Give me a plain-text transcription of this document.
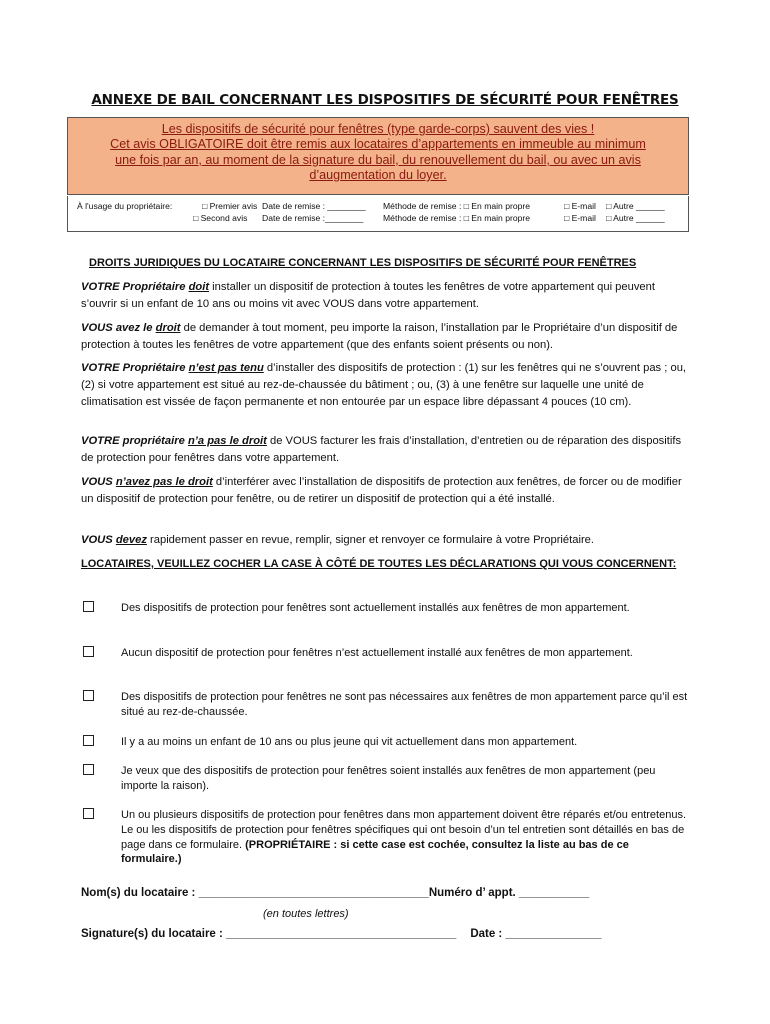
ANNEXE DE BAIL CONCERNANT LES DISPOSITIFS DE SÉCURITÉ POUR FENÊTRES
Les dispositifs de sécurité pour fenêtres (type garde-corps) sauvent des vies !
Cet avis OBLIGATOIRE doit être remis aux locataires d’appartements en immeuble au minimum
une fois par an, au moment de la signature du bail, du renouvellement du bail, ou avec un avis
d’augmentation du loyer.
À l'usage du propriétaire:	□ Premier avis Date de remise : ________ Méthode de remise : □ En main propre	□ E-mail □ Autre ______
□ Second avis Date de remise :________ Méthode de remise : □ En main propre	□ E-mail □ Autre ______
DROITS JURIDIQUES DU LOCATAIRE CONCERNANT LES DISPOSITIFS DE SÉCURITÉ POUR FENÊTRES
VOTRE Propriétaire doit installer un dispositif de protection à toutes les fenêtres de votre appartement qui peuvent s’ouvrir si un enfant de 10 ans ou moins vit avec VOUS dans votre appartement.
VOUS avez le droit de demander à tout moment, peu importe la raison, l’installation par le Propriétaire d’un dispositif de protection à toutes les fenêtres de votre appartement (que des enfants soient présents ou non).
VOTRE Propriétaire n’est pas tenu d’installer des dispositifs de protection : (1) sur les fenêtres qui ne s’ouvrent pas ; ou, (2) si votre appartement est situé au rez-de-chaussée du bâtiment ; ou, (3) à une fenêtre sur laquelle une unité de climatisation est vissée de façon permanente et non entourée par un espace libre dépassant 4 pouces (10 cm).
VOTRE propriétaire n’a pas le droit de VOUS facturer les frais d’installation, d’entretien ou de réparation des dispositifs de protection pour fenêtres dans votre appartement.
VOUS n’avez pas le droit d’interférer avec l’installation de dispositifs de protection aux fenêtres, de forcer ou de modifier un dispositif de protection pour fenêtre, ou de retirer un dispositif de protection qui a été installé.
VOUS devez rapidement passer en revue, remplir, signer et renvoyer ce formulaire à votre Propriétaire.
LOCATAIRES, VEUILLEZ COCHER LA CASE À CÔTÉ DE TOUTES LES DÉCLARATIONS QUI VOUS CONCERNENT:
Des dispositifs de protection pour fenêtres sont actuellement installés aux fenêtres de mon appartement.
Aucun dispositif de protection pour fenêtres n’est actuellement installé aux fenêtres de mon appartement.
Des dispositifs de protection pour fenêtres ne sont pas nécessaires aux fenêtres de mon appartement parce qu’il est situé au rez-de-chaussée.
Il y a au moins un enfant de 10 ans ou plus jeune qui vit actuellement dans mon appartement.
Je veux que des dispositifs de protection pour fenêtres soient installés aux fenêtres de mon appartement (peu importe la raison).
Un ou plusieurs dispositifs de protection pour fenêtres dans mon appartement doivent être réparés et/ou entretenus. Le ou les dispositifs de protection pour fenêtres spécifiques qui ont besoin d’un tel entretien sont détaillés en bas de page dans ce formulaire. (PROPRIÉTAIRE : si cette case est cochée, consultez la liste au bas de ce formulaire.)
Nom(s) du locataire : ____________________________________Numéro d’ appt. ___________
(en toutes lettres)
Signature(s) du locataire : ____________________________________ Date : _______________
